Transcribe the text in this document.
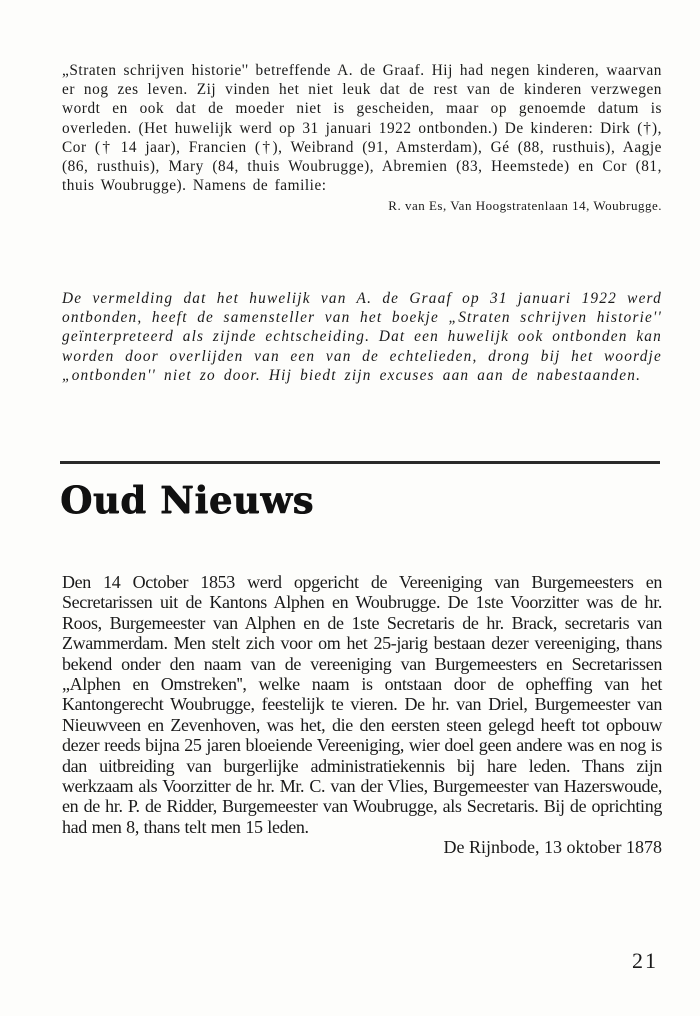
„Straten schrijven historie'' betreffende A. de Graaf. Hij had negen kinderen, waarvan er nog zes leven. Zij vinden het niet leuk dat de rest van de kinderen verzwegen wordt en ook dat de moeder niet is gescheiden, maar op genoemde datum is overleden. (Het huwelijk werd op 31 januari 1922 ontbonden.) De kinderen: Dirk (†), Cor († 14 jaar), Francien (†), Weibrand (91, Amsterdam), Gé (88, rusthuis), Aagje (86, rusthuis), Mary (84, thuis Woubrugge), Abremien (83, Heemstede) en Cor (81, thuis Woubrugge). Namens de familie:

R. van Es, Van Hoogstratenlaan 14, Woubrugge.

De vermelding dat het huwelijk van A. de Graaf op 31 januari 1922 werd ontbonden, heeft de samensteller van het boekje „Straten schrijven historie'' geïnterpreteerd als zijnde echtscheiding. Dat een huwelijk ook ontbonden kan worden door overlijden van een van de echtelieden, drong bij het woordje „ontbonden'' niet zo door. Hij biedt zijn excuses aan aan de nabestaanden.

Oud Nieuws

Den 14 October 1853 werd opgericht de Vereeniging van Burgemeesters en Secretarissen uit de Kantons Alphen en Woubrugge. De 1ste Voorzitter was de hr. Roos, Burgemeester van Alphen en de 1ste Secretaris de hr. Brack, secretaris van Zwammerdam. Men stelt zich voor om het 25-jarig bestaan dezer vereeniging, thans bekend onder den naam van de vereeniging van Burgemeesters en Secretarissen „Alphen en Omstreken'', welke naam is ontstaan door de opheffing van het Kantongerecht Woubrugge, feestelijk te vieren. De hr. van Driel, Burgemeester van Nieuwveen en Zevenhoven, was het, die den eersten steen gelegd heeft tot opbouw dezer reeds bijna 25 jaren bloeiende Vereeniging, wier doel geen andere was en nog is dan uitbreiding van burgerlijke administratiekennis bij hare leden. Thans zijn werkzaam als Voorzitter de hr. Mr. C. van der Vlies, Burgemeester van Hazerswoude, en de hr. P. de Ridder, Burgemeester van Woubrugge, als Secretaris. Bij de oprichting had men 8, thans telt men 15 leden.

De Rijnbode, 13 oktober 1878

21
